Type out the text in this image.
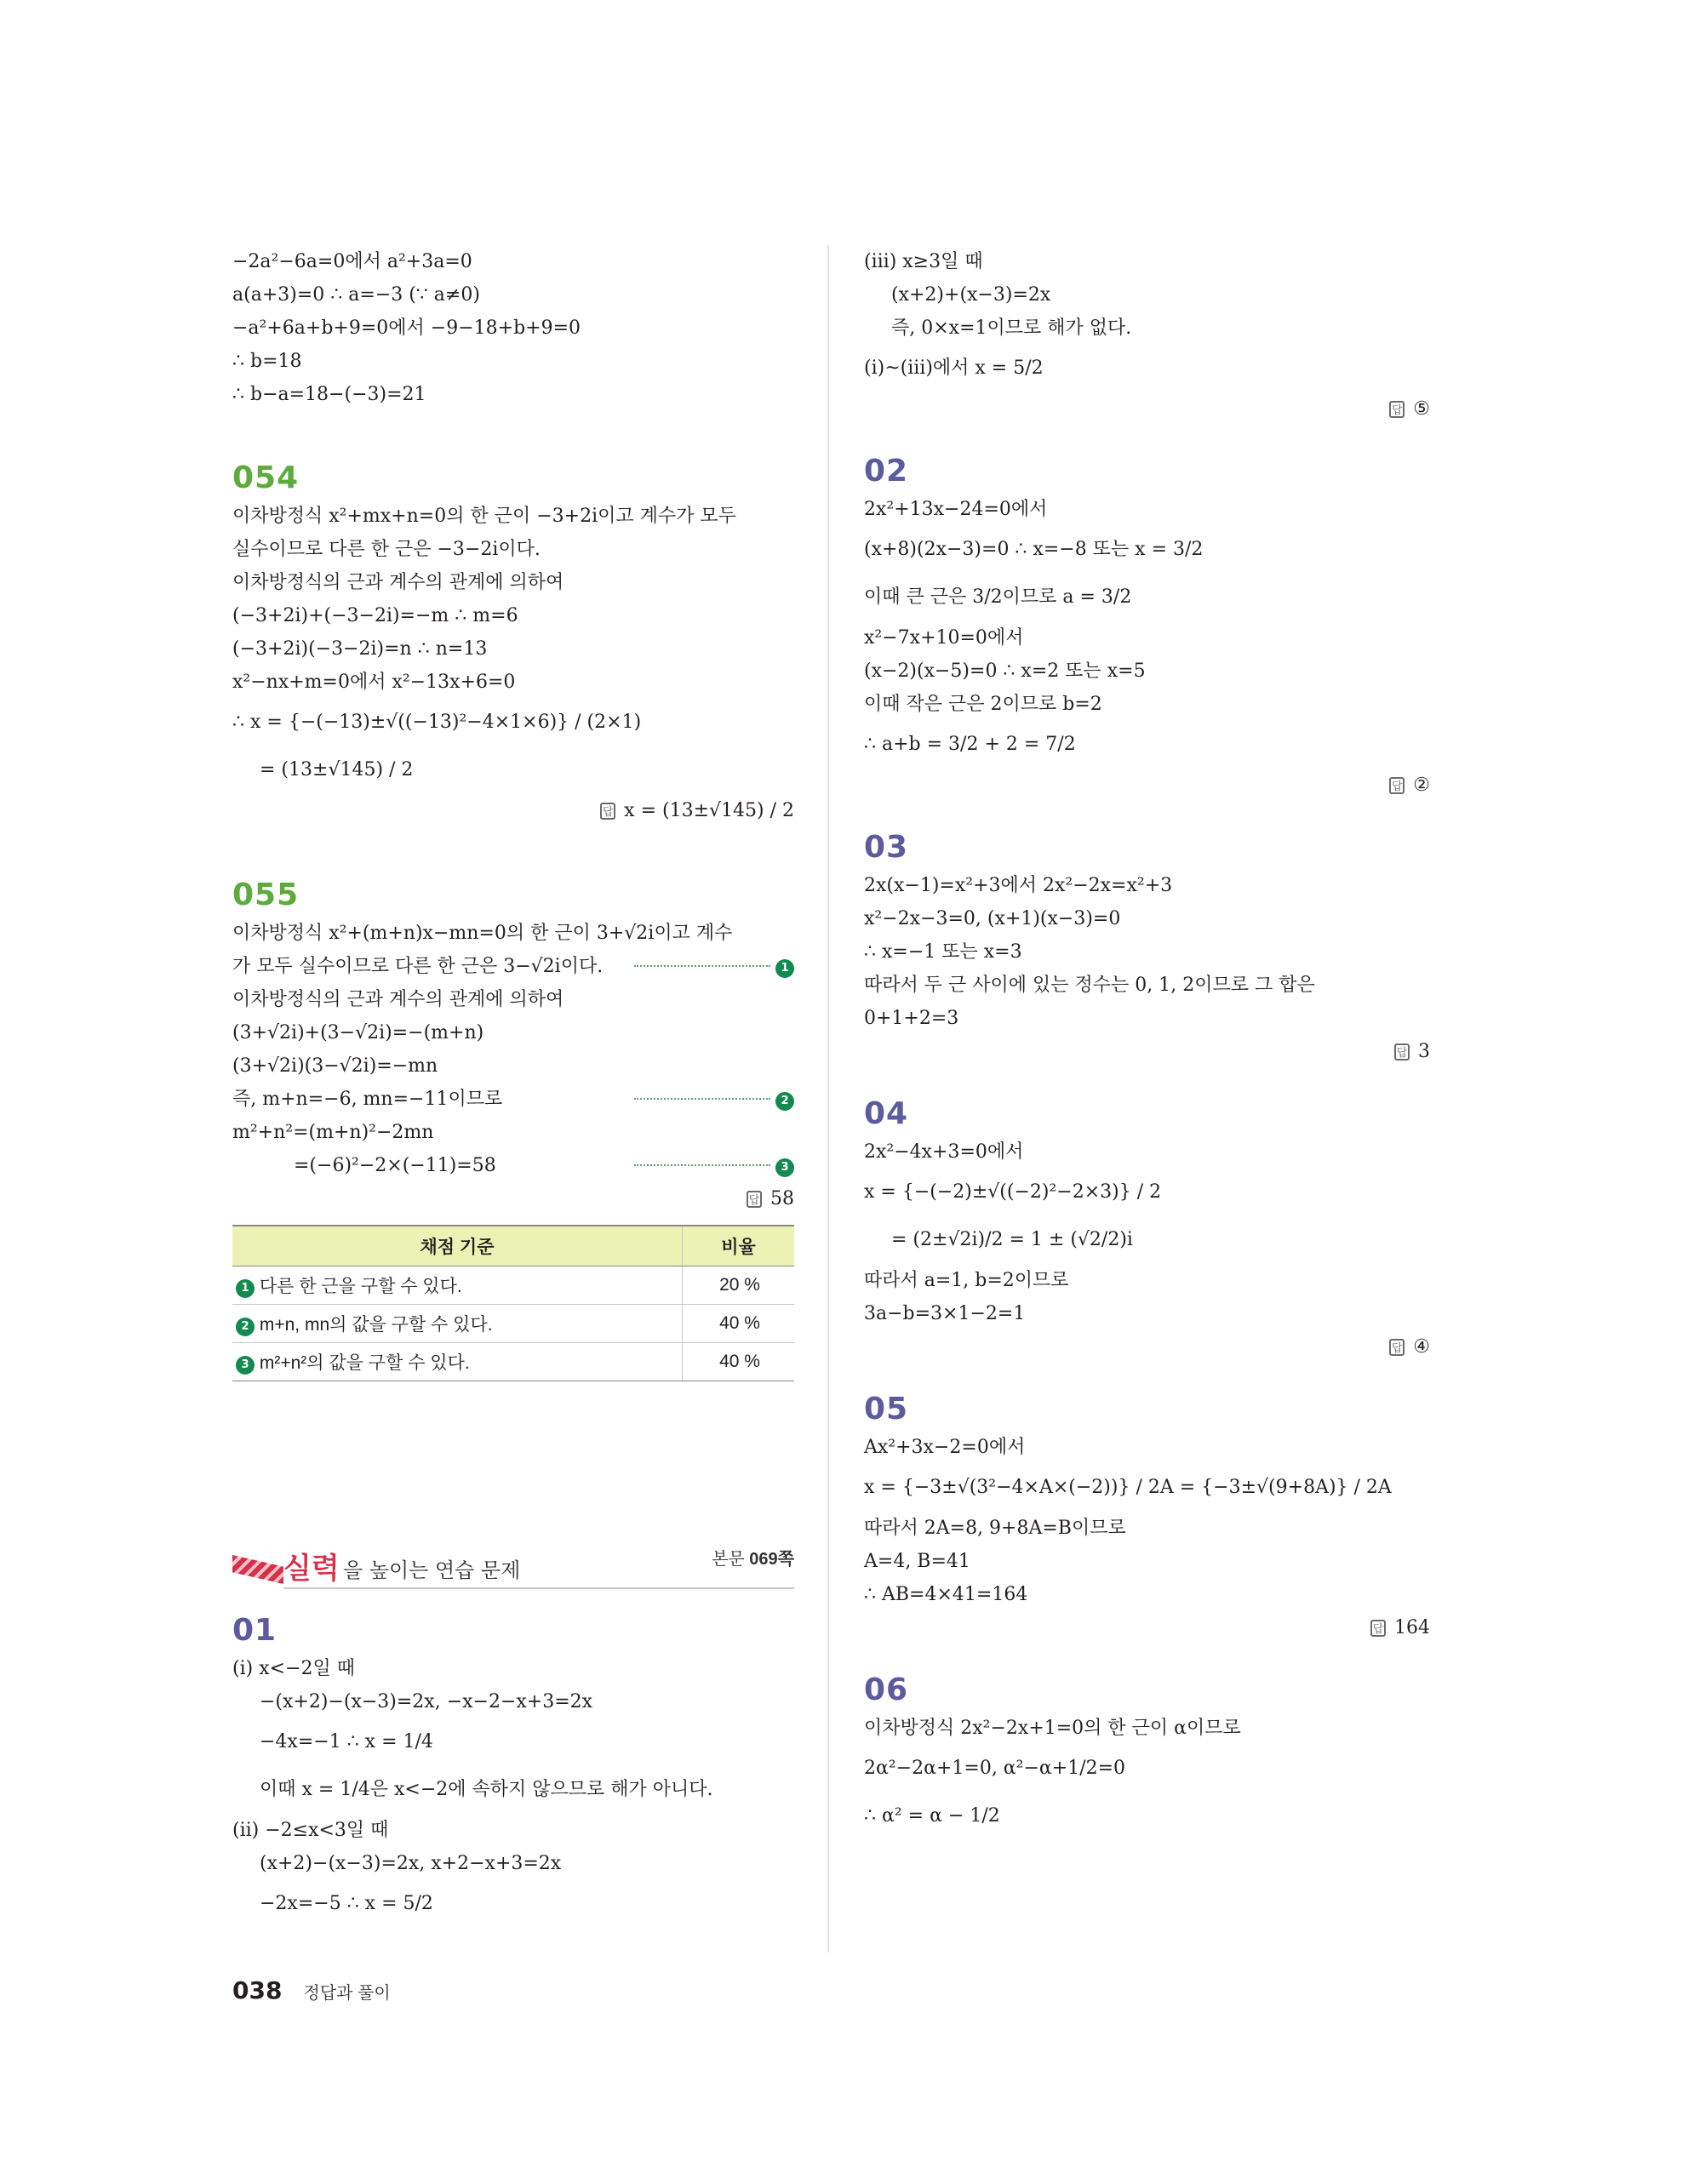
−2a²−6a=0에서 a²+3a=0
a(a+3)=0 ∴ a=−3 (∵ a≠0)
−a²+6a+b+9=0에서 −9−18+b+9=0
∴ b=18
∴ b−a=18−(−3)=21
054
이차방정식 x²+mx+n=0의 한 근이 −3+2i이고 계수가 모두
실수이므로 다른 한 근은 −3−2i이다.
이차방정식의 근과 계수의 관계에 의하여
(−3+2i)+(−3−2i)=−m ∴ m=6
(−3+2i)(−3−2i)=n ∴ n=13
x²−nx+m=0에서 x²−13x+6=0
∴ x = {−(−13)±√((−13)²−4×1×6)} / (2×1)
= (13±√145) / 2
답 x = (13±√145) / 2
055
이차방정식 x²+(m+n)x−mn=0의 한 근이 3+√2i이고 계수
가 모두 실수이므로 다른 한 근은 3−√2i이다.	1
이차방정식의 근과 계수의 관계에 의하여
(3+√2i)+(3−√2i)=−(m+n)
(3+√2i)(3−√2i)=−mn
즉, m+n=−6, mn=−11이므로	2
m²+n²=(m+n)²−2mn
=(−6)²−2×(−11)=58	3
답 58
채점 기준	비율
1 다른 한 근을 구할 수 있다.	20 %
2 m+n, mn의 값을 구할 수 있다.	40 %
3 m²+n²의 값을 구할 수 있다.	40 %
실력 을 높이는 연습 문제	본문 069쪽
01
(ⅰ) x<−2일 때
−(x+2)−(x−3)=2x, −x−2−x+3=2x
−4x=−1 ∴ x = 1/4
이때 x = 1/4은 x<−2에 속하지 않으므로 해가 아니다.
(ⅱ) −2≤x<3일 때
(x+2)−(x−3)=2x, x+2−x+3=2x
−2x=−5 ∴ x = 5/2
(ⅲ) x≥3일 때
(x+2)+(x−3)=2x
즉, 0×x=1이므로 해가 없다.
(ⅰ)~(ⅲ)에서 x = 5/2
답 ⑤
02
2x²+13x−24=0에서
(x+8)(2x−3)=0 ∴ x=−8 또는 x = 3/2
이때 큰 근은 3/2이므로 a = 3/2
x²−7x+10=0에서
(x−2)(x−5)=0 ∴ x=2 또는 x=5
이때 작은 근은 2이므로 b=2
∴ a+b = 3/2 + 2 = 7/2
답 ②
03
2x(x−1)=x²+3에서 2x²−2x=x²+3
x²−2x−3=0, (x+1)(x−3)=0
∴ x=−1 또는 x=3
따라서 두 근 사이에 있는 정수는 0, 1, 2이므로 그 합은
0+1+2=3
답 3
04
2x²−4x+3=0에서
x = {−(−2)±√((−2)²−2×3)} / 2
= (2±√2i)/2 = 1 ± (√2/2)i
따라서 a=1, b=2이므로
3a−b=3×1−2=1
답 ④
05
Ax²+3x−2=0에서
x = {−3±√(3²−4×A×(−2))} / 2A = {−3±√(9+8A)} / 2A
따라서 2A=8, 9+8A=B이므로
A=4, B=41
∴ AB=4×41=164
답 164
06
이차방정식 2x²−2x+1=0의 한 근이 α이므로
2α²−2α+1=0, α²−α+1/2=0
∴ α² = α − 1/2
038 정답과 풀이
